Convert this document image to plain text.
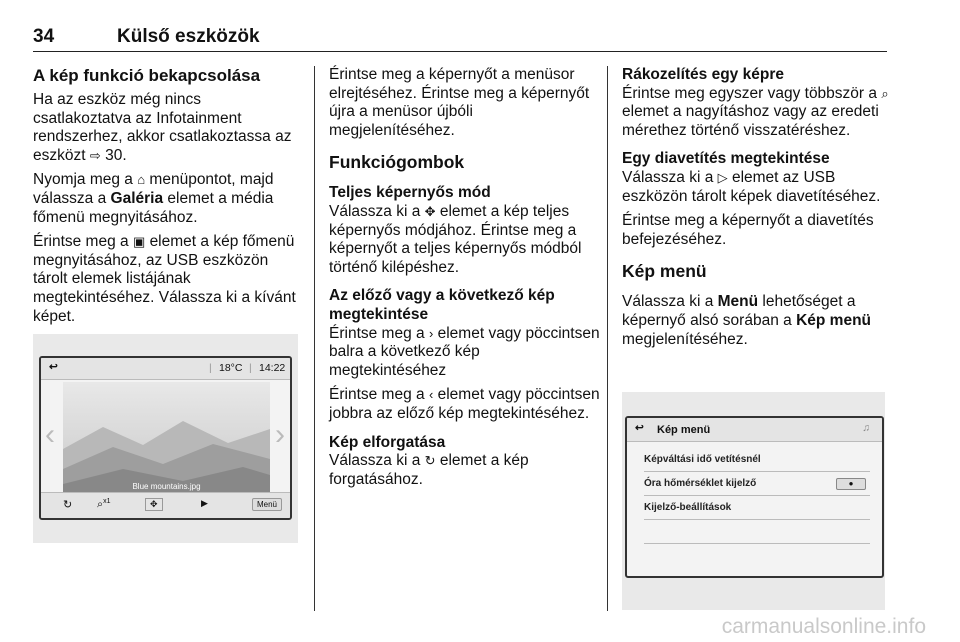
34	Külső eszközök
A kép funkció bekapcsolása

Ha az eszköz még nincs csatlakoztatva az Infotainment rendszerhez, akkor csatlakoztassa az eszközt ⇨ 30.

Nyomja meg a ⌂ menüpontot, majd válassza a Galéria elemet a média főmenü megnyitásához.

Érintse meg a ▣ elemet a kép főmenü megnyitásához, az USB eszközön tárolt elemek listájának megtekintéséhez. Válassza ki a kívánt képet.

↩	| 18°C | 14:22
Blue mountains.jpg
‹	›
↻ ⌕$^{x1}$	✥	▶	Menü

Érintse meg a képernyőt a menüsor elrejtéséhez. Érintse meg a képernyőt újra a menüsor újbóli megjelenítéséhez.

Funkciógombok
Teljes képernyős mód

Válassza ki a ✥ elemet a kép teljes képernyős módjához. Érintse meg a képernyőt a teljes képernyős módból történő kilépéshez.

Az előző vagy a következő kép megtekintése

Érintse meg a › elemet vagy pöccintsen balra a következő kép megtekintéséhez

Érintse meg a ‹ elemet vagy pöccintsen jobbra az előző kép megtekintéséhez.

Kép elforgatása

Válassza ki a ↻ elemet a kép forgatásához.

Rákozelítés egy képre

Érintse meg egyszer vagy többször a ⌕ elemet a nagyításhoz vagy az eredeti mérethez történő visszatéréshez.

Egy diavetítés megtekintése

Válassza ki a ▷ elemet az USB eszközön tárolt képek diavetítéséhez.

Érintse meg a képernyőt a diavetítés befejezéséhez.

Kép menü

Válassza ki a Menü lehetőséget a képernyő alsó sorában a Kép menü megjelenítéséhez.

↩ Kép menü	♫
Képváltási idő vetítésnél
Óra hőmérséklet kijelző	●
Kijelző-beállítások
carmanualsonline.info
